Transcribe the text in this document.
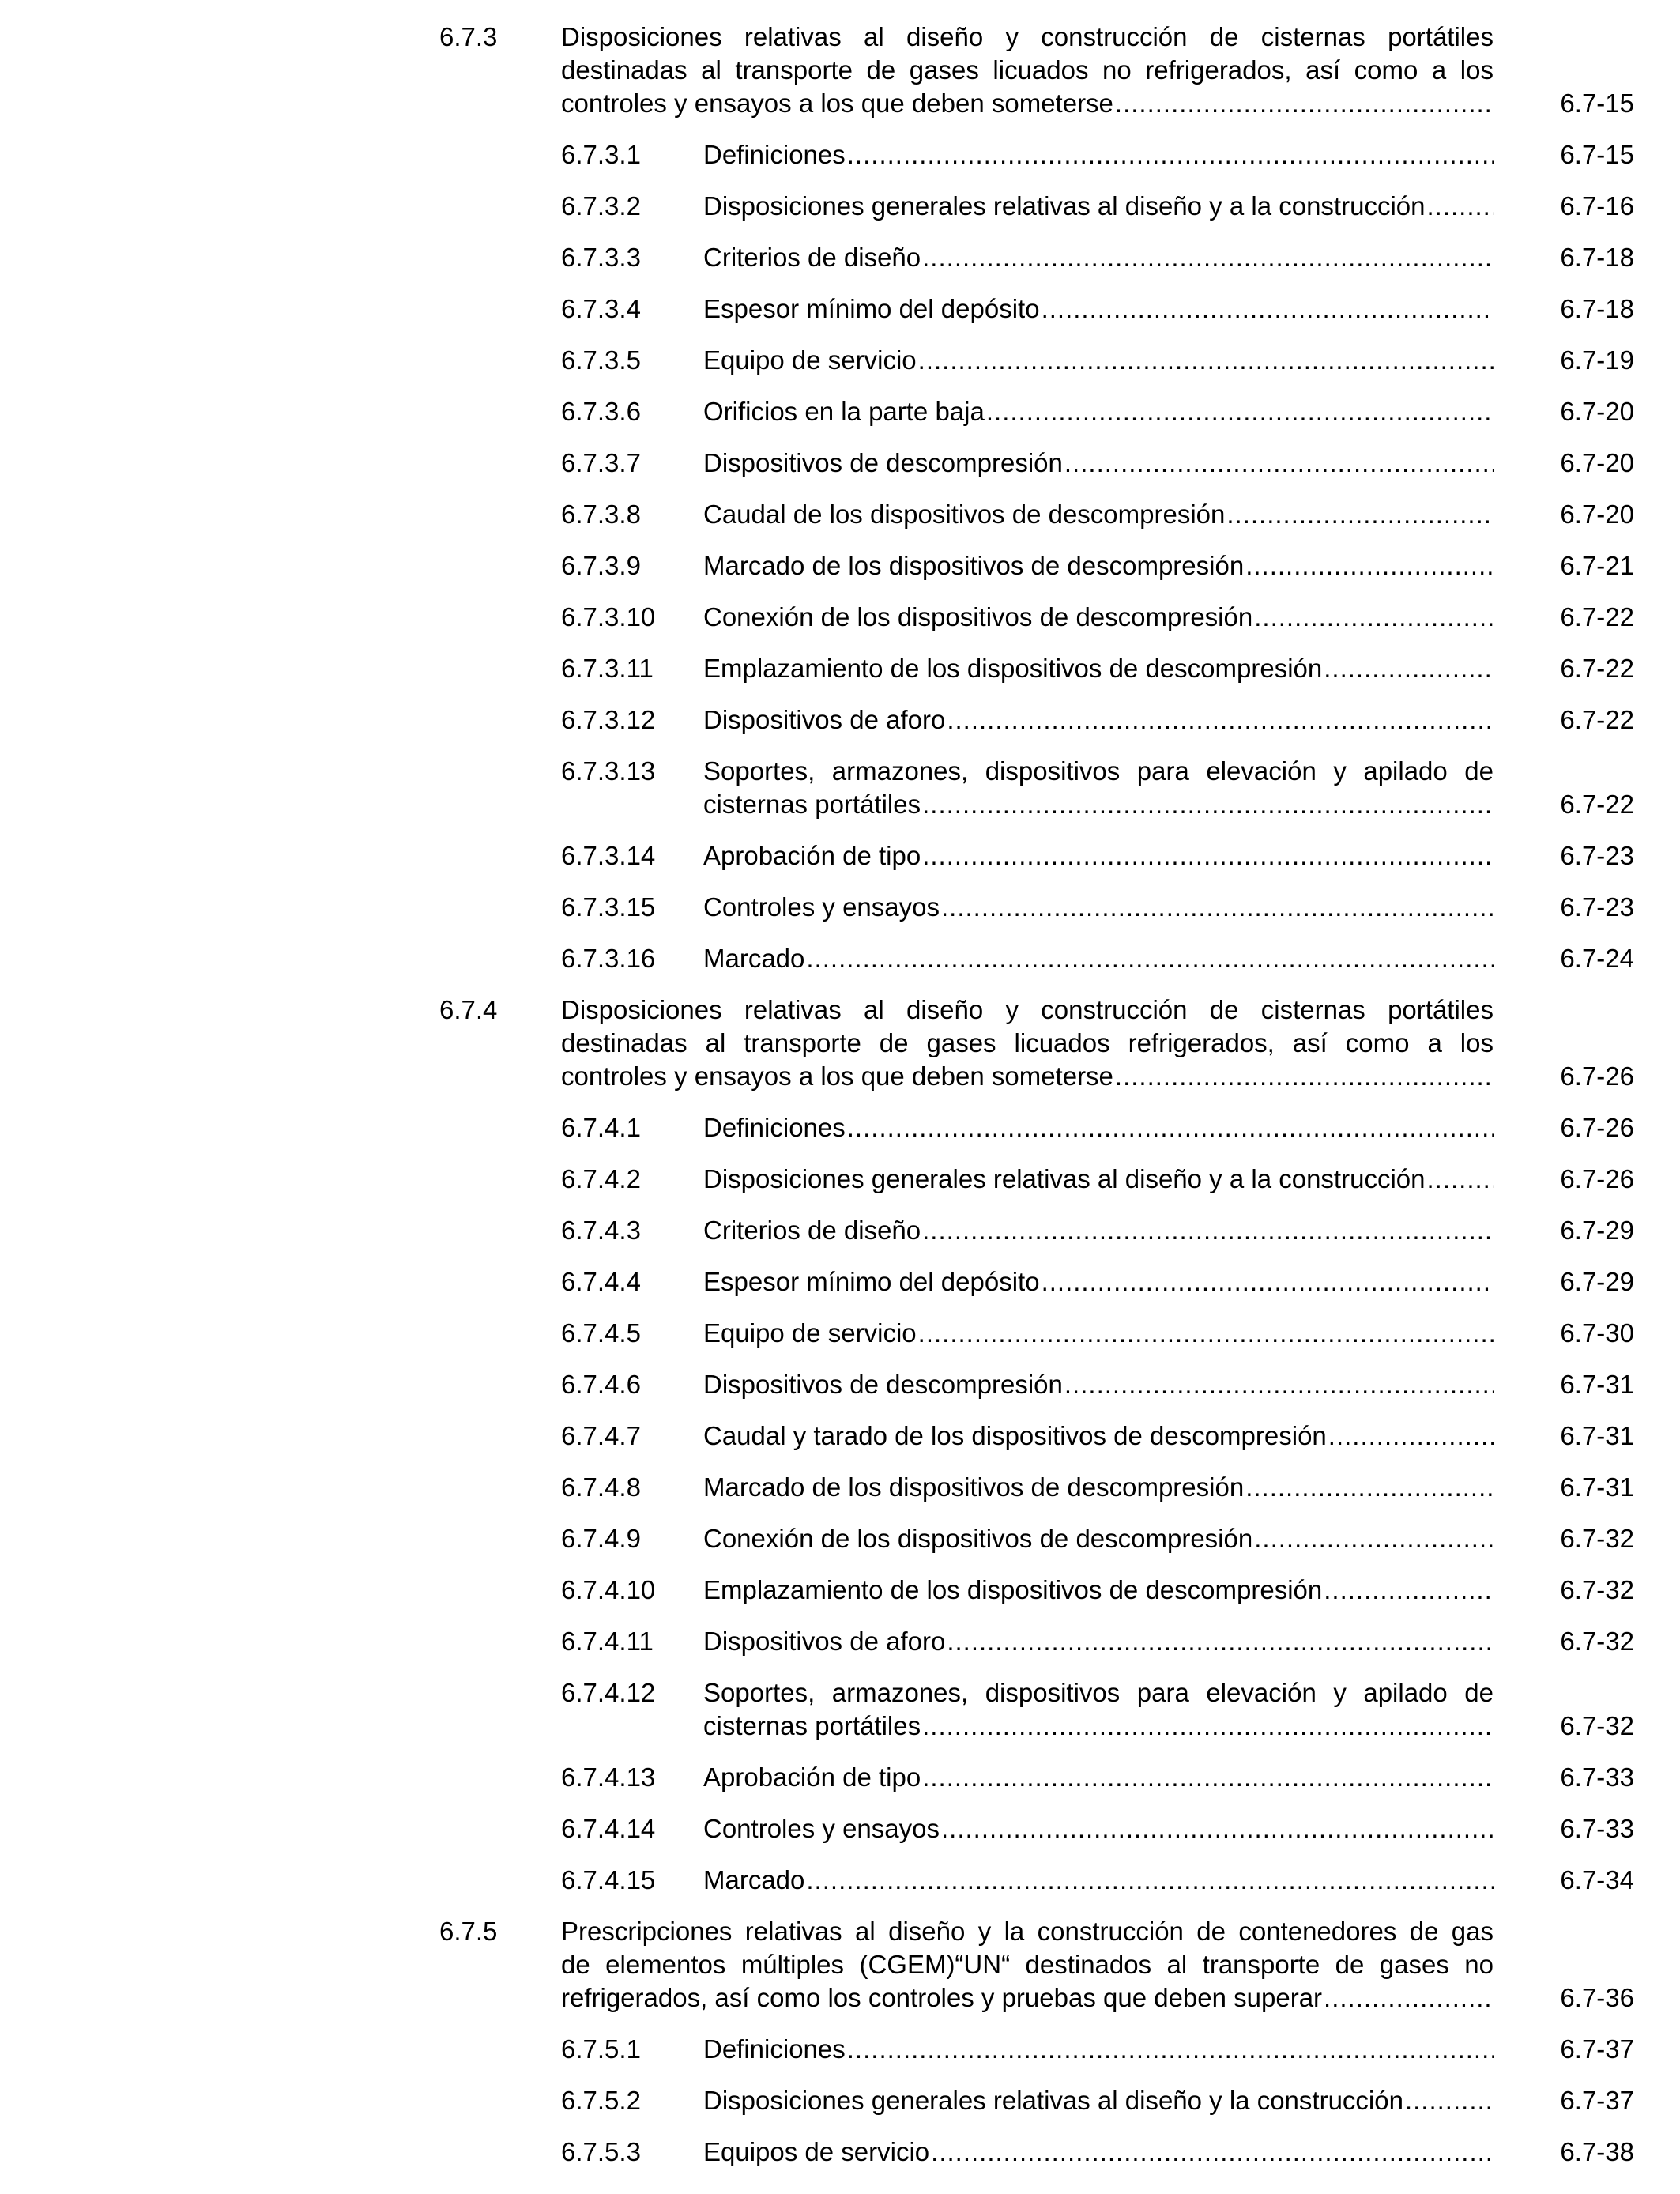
6.7.3 Disposiciones relativas al diseño y construcción de cisternas portátiles
destinadas al transporte de gases licuados no refrigerados, así como a los
controles y ensayos a los que deben someterse .....	6.7-15
6.7.3.1 Definiciones .....	6.7-15
6.7.3.2 Disposiciones generales relativas al diseño y a la construcción .....	6.7-16
6.7.3.3 Criterios de diseño .....	6.7-18
6.7.3.4 Espesor mínimo del depósito .....	6.7-18
6.7.3.5 Equipo de servicio .....	6.7-19
6.7.3.6 Orificios en la parte baja .....	6.7-20
6.7.3.7 Dispositivos de descompresión .....	6.7-20
6.7.3.8 Caudal de los dispositivos de descompresión .....	6.7-20
6.7.3.9 Marcado de los dispositivos de descompresión .....	6.7-21
6.7.3.10 Conexión de los dispositivos de descompresión .....	6.7-22
6.7.3.11 Emplazamiento de los dispositivos de descompresión .....	6.7-22
6.7.3.12 Dispositivos de aforo .....	6.7-22
6.7.3.13 Soportes, armazones, dispositivos para elevación y apilado de
cisternas portátiles .....	6.7-22
6.7.3.14 Aprobación de tipo .....	6.7-23
6.7.3.15 Controles y ensayos .....	6.7-23
6.7.3.16 Marcado .....	6.7-24
6.7.4 Disposiciones relativas al diseño y construcción de cisternas portátiles
destinadas al transporte de gases licuados refrigerados, así como a los
controles y ensayos a los que deben someterse .....	6.7-26
6.7.4.1 Definiciones .....	6.7-26
6.7.4.2 Disposiciones generales relativas al diseño y a la construcción .....	6.7-26
6.7.4.3 Criterios de diseño .....	6.7-29
6.7.4.4 Espesor mínimo del depósito .....	6.7-29
6.7.4.5 Equipo de servicio .....	6.7-30
6.7.4.6 Dispositivos de descompresión .....	6.7-31
6.7.4.7 Caudal y tarado de los dispositivos de descompresión .....	6.7-31
6.7.4.8 Marcado de los dispositivos de descompresión .....	6.7-31
6.7.4.9 Conexión de los dispositivos de descompresión .....	6.7-32
6.7.4.10 Emplazamiento de los dispositivos de descompresión .....	6.7-32
6.7.4.11 Dispositivos de aforo .....	6.7-32
6.7.4.12 Soportes, armazones, dispositivos para elevación y apilado de
cisternas portátiles .....	6.7-32
6.7.4.13 Aprobación de tipo .....	6.7-33
6.7.4.14 Controles y ensayos .....	6.7-33
6.7.4.15 Marcado .....	6.7-34
6.7.5 Prescripciones relativas al diseño y la construcción de contenedores de gas
de elementos múltiples (CGEM)“UN“ destinados al transporte de gases no
refrigerados, así como los controles y pruebas que deben superar .....	6.7-36
6.7.5.1 Definiciones .....	6.7-37
6.7.5.2 Disposiciones generales relativas al diseño y la construcción .....	6.7-37
6.7.5.3 Equipos de servicio .....	6.7-38
